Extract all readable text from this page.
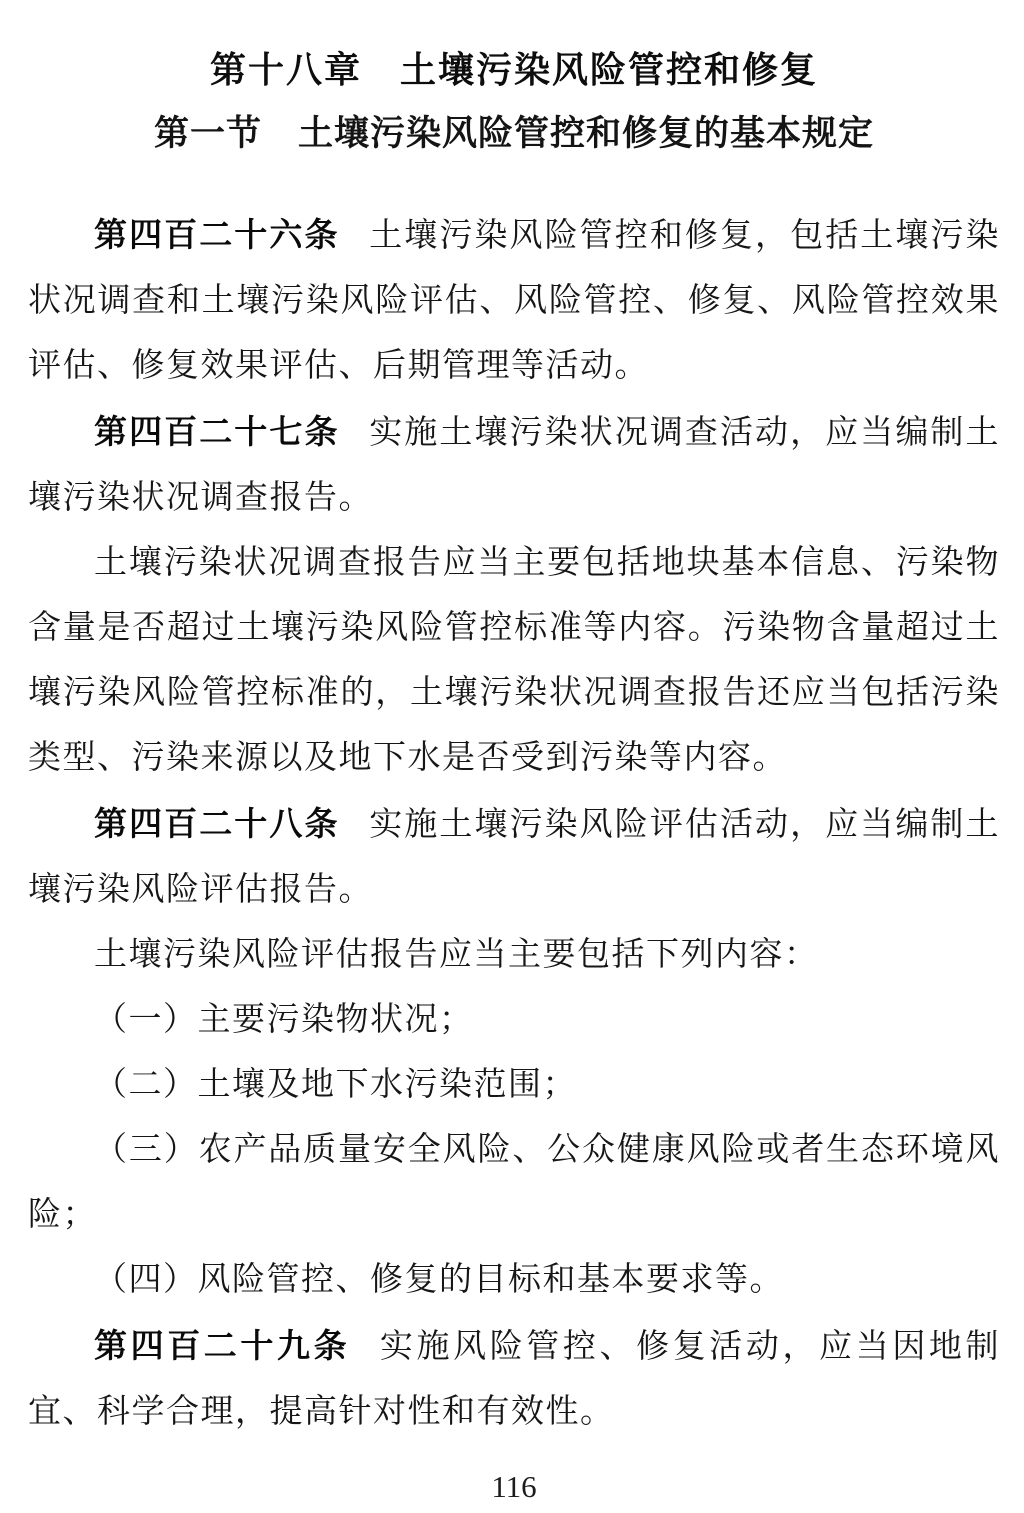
第十八章　土壤污染风险管控和修复
第一节　土壤污染风险管控和修复的基本规定

第四百二十六条 土壤污染风险管控和修复，包括土壤污染状况调查和土壤污染风险评估、风险管控、修复、风险管控效果评估、修复效果评估、后期管理等活动。

第四百二十七条 实施土壤污染状况调查活动，应当编制土壤污染状况调查报告。

土壤污染状况调查报告应当主要包括地块基本信息、污染物含量是否超过土壤污染风险管控标准等内容。污染物含量超过土壤污染风险管控标准的，土壤污染状况调查报告还应当包括污染类型、污染来源以及地下水是否受到污染等内容。

第四百二十八条 实施土壤污染风险评估活动，应当编制土壤污染风险评估报告。

土壤污染风险评估报告应当主要包括下列内容：

（一）主要污染物状况；

（二）土壤及地下水污染范围；

（三）农产品质量安全风险、公众健康风险或者生态环境风险；

（四）风险管控、修复的目标和基本要求等。

第四百二十九条 实施风险管控、修复活动，应当因地制宜、科学合理，提高针对性和有效性。

116
